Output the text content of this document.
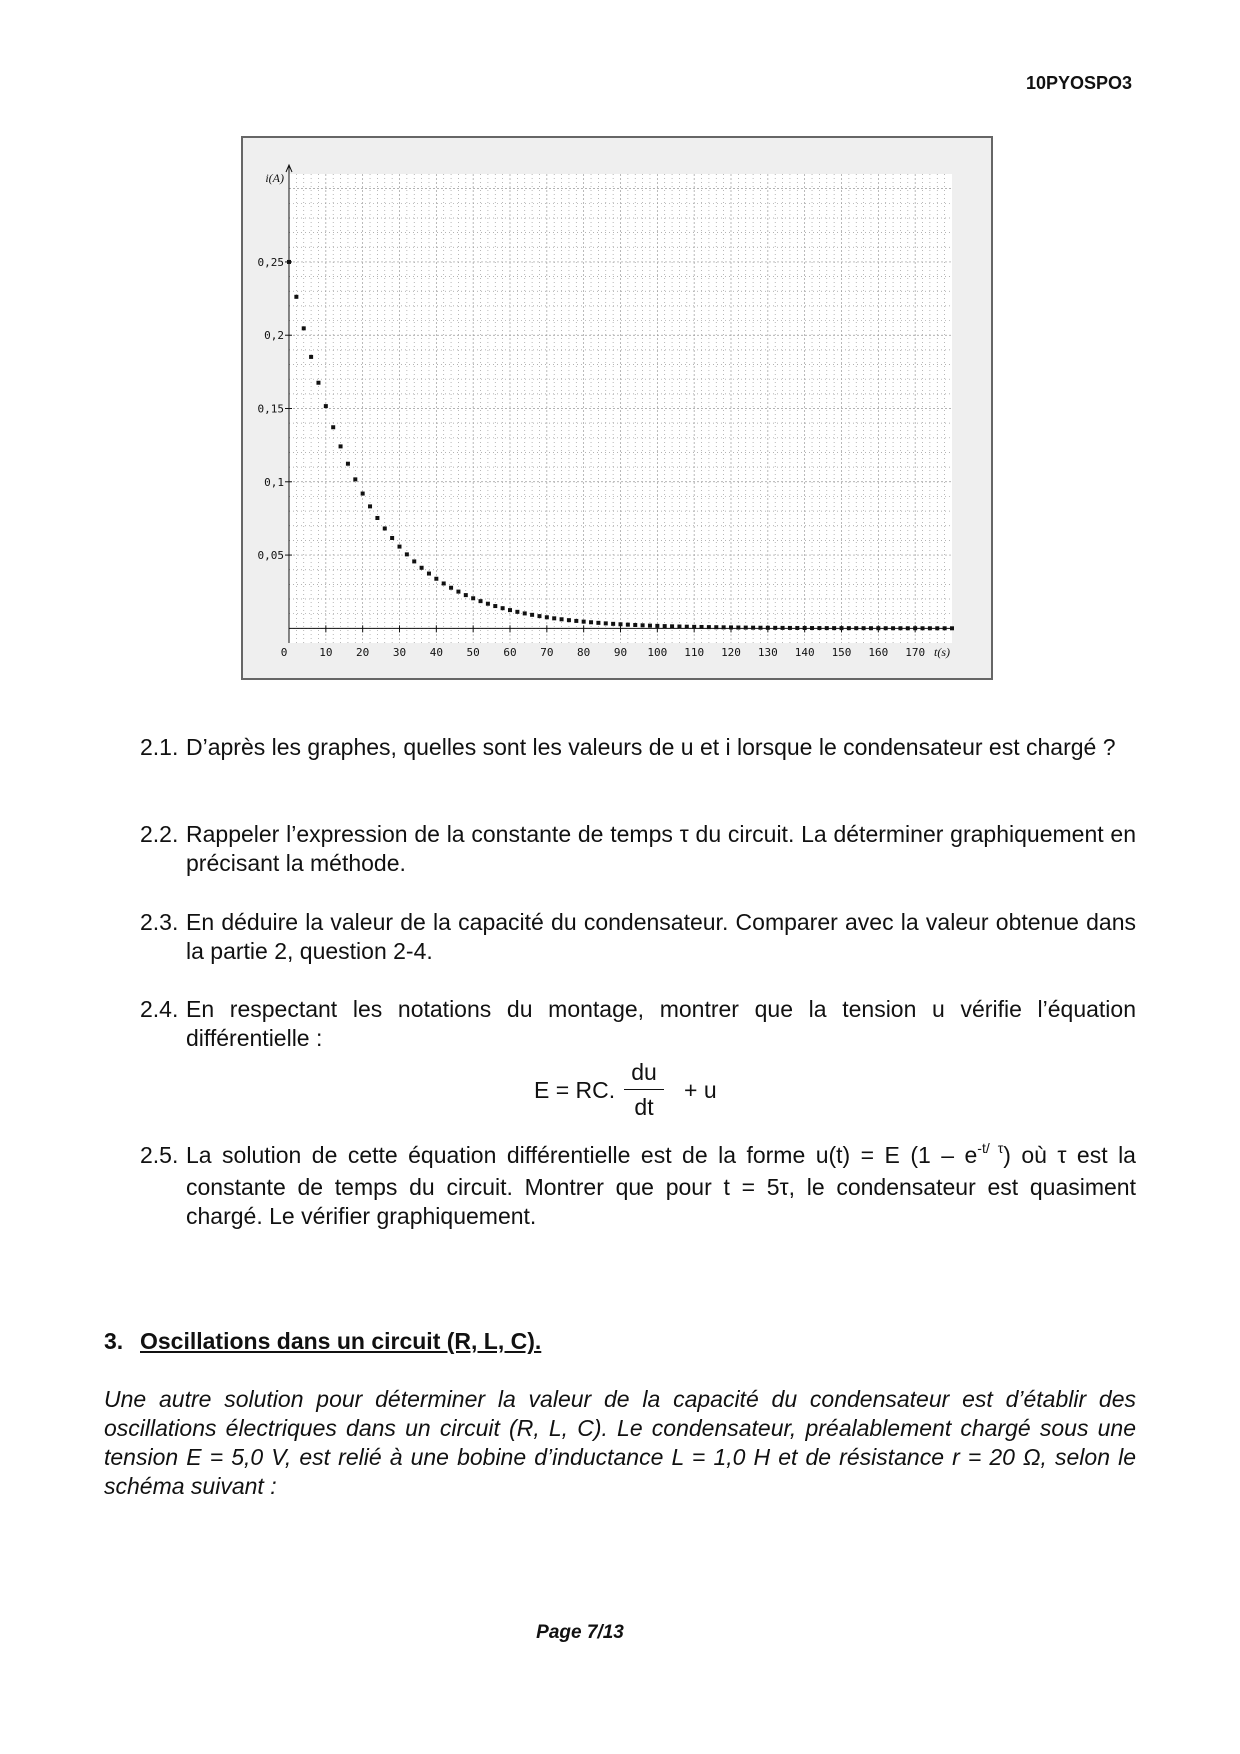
10PYOSPO3
0,05
0,1
0,15
0,2
0,25
0	10 20 30 40 50 60 70 80 90 100 110 120 130 140 150 160 170 t(s)
i(A)
2.1. D’après les graphes, quelles sont les valeurs de u et i lorsque le condensateur est chargé ?
2.2. Rappeler l’expression de la constante de temps τ du circuit. La déterminer graphiquement en précisant la méthode.
2.3. En déduire la valeur de la capacité du condensateur. Comparer avec la valeur obtenue dans la partie 2, question 2-4.
2.4. En respectant les notations du montage, montrer que la tension u vérifie l’équation différentielle :
E = RC.
du
dt
+ u
2.5. La solution de cette équation différentielle est de la forme u(t) = E $(1 - e^{-t/ \tau})$ où τ est la constante de temps du circuit. Montrer que pour t = 5τ, le condensateur est quasiment chargé. Le vérifier graphiquement.
3. Oscillations dans un circuit (R, L, C).
Une autre solution pour déterminer la valeur de la capacité du condensateur est d’établir des oscillations électriques dans un circuit (R, L, C). Le condensateur, préalablement chargé sous une tension E = 5,0 V, est relié à une bobine d’inductance L = 1,0 H et de résistance r = 20 Ω, selon le schéma suivant :
Page 7/13
